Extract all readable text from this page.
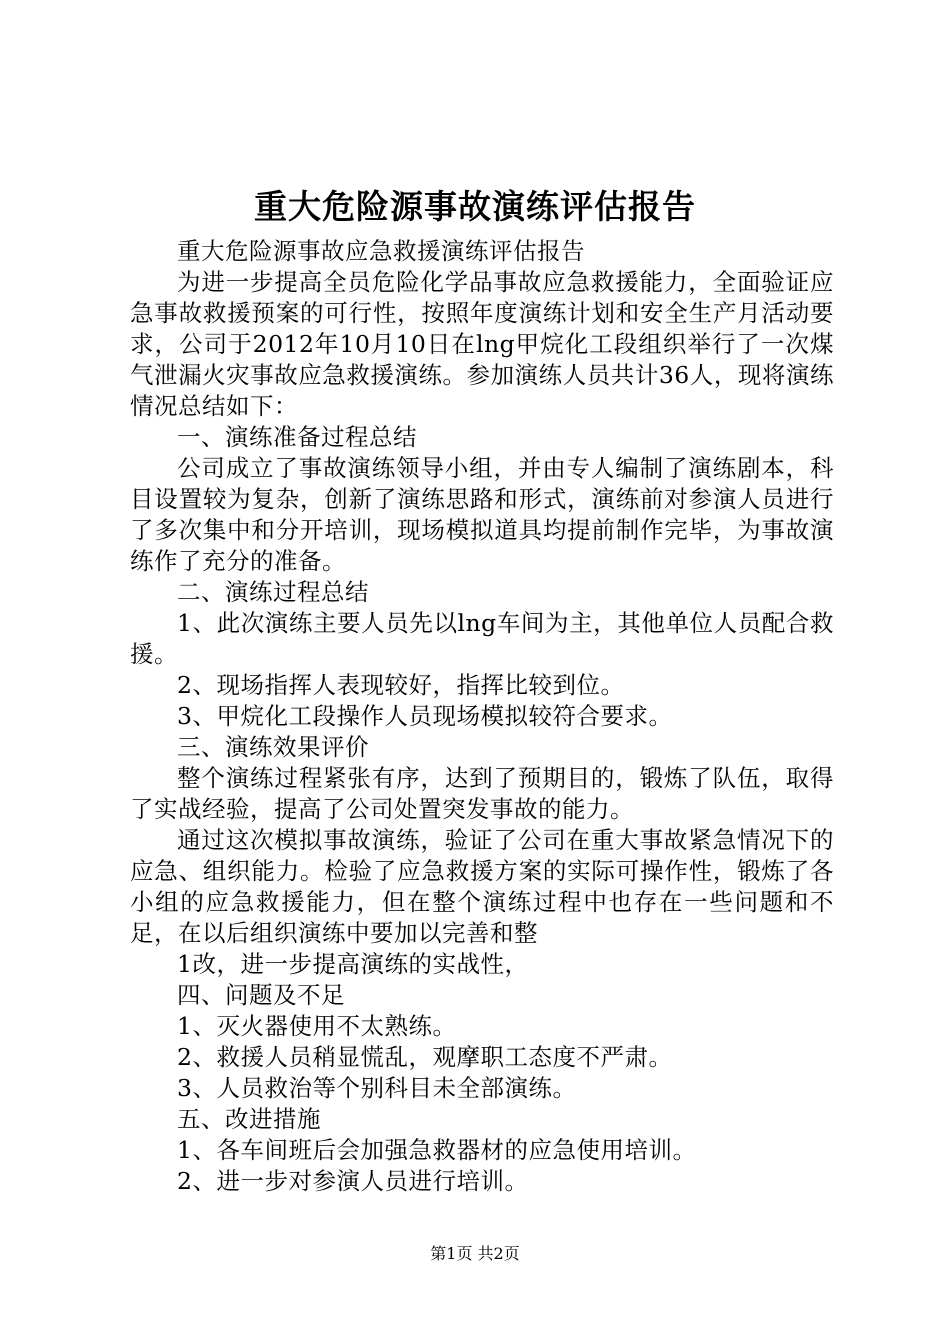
重大危险源事故演练评估报告

重大危险源事故应急救援演练评估报告

为进一步提高全员危险化学品事故应急救援能力，全面验证应急事故救援预案的可行性，按照年度演练计划和安全生产月活动要求，公司于2012年10月10日在lng甲烷化工段组织举行了一次煤气泄漏火灾事故应急救援演练。参加演练人员共计36人，现将演练情况总结如下：

一、演练准备过程总结

公司成立了事故演练领导小组，并由专人编制了演练剧本，科目设置较为复杂，创新了演练思路和形式，演练前对参演人员进行了多次集中和分开培训，现场模拟道具均提前制作完毕，为事故演练作了充分的准备。

二、演练过程总结

1、此次演练主要人员先以lng车间为主，其他单位人员配合救援。

2、现场指挥人表现较好，指挥比较到位。

3、甲烷化工段操作人员现场模拟较符合要求。

三、演练效果评价

整个演练过程紧张有序，达到了预期目的，锻炼了队伍，取得了实战经验，提高了公司处置突发事故的能力。

通过这次模拟事故演练，验证了公司在重大事故紧急情况下的应急、组织能力。检验了应急救援方案的实际可操作性，锻炼了各小组的应急救援能力，但在整个演练过程中也存在一些问题和不足，在以后组织演练中要加以完善和整

1改，进一步提高演练的实战性，

四、问题及不足

1、灭火器使用不太熟练。

2、救援人员稍显慌乱，观摩职工态度不严肃。

3、人员救治等个别科目未全部演练。

五、改进措施

1、各车间班后会加强急救器材的应急使用培训。

2、进一步对参演人员进行培训。

第1页 共2页
